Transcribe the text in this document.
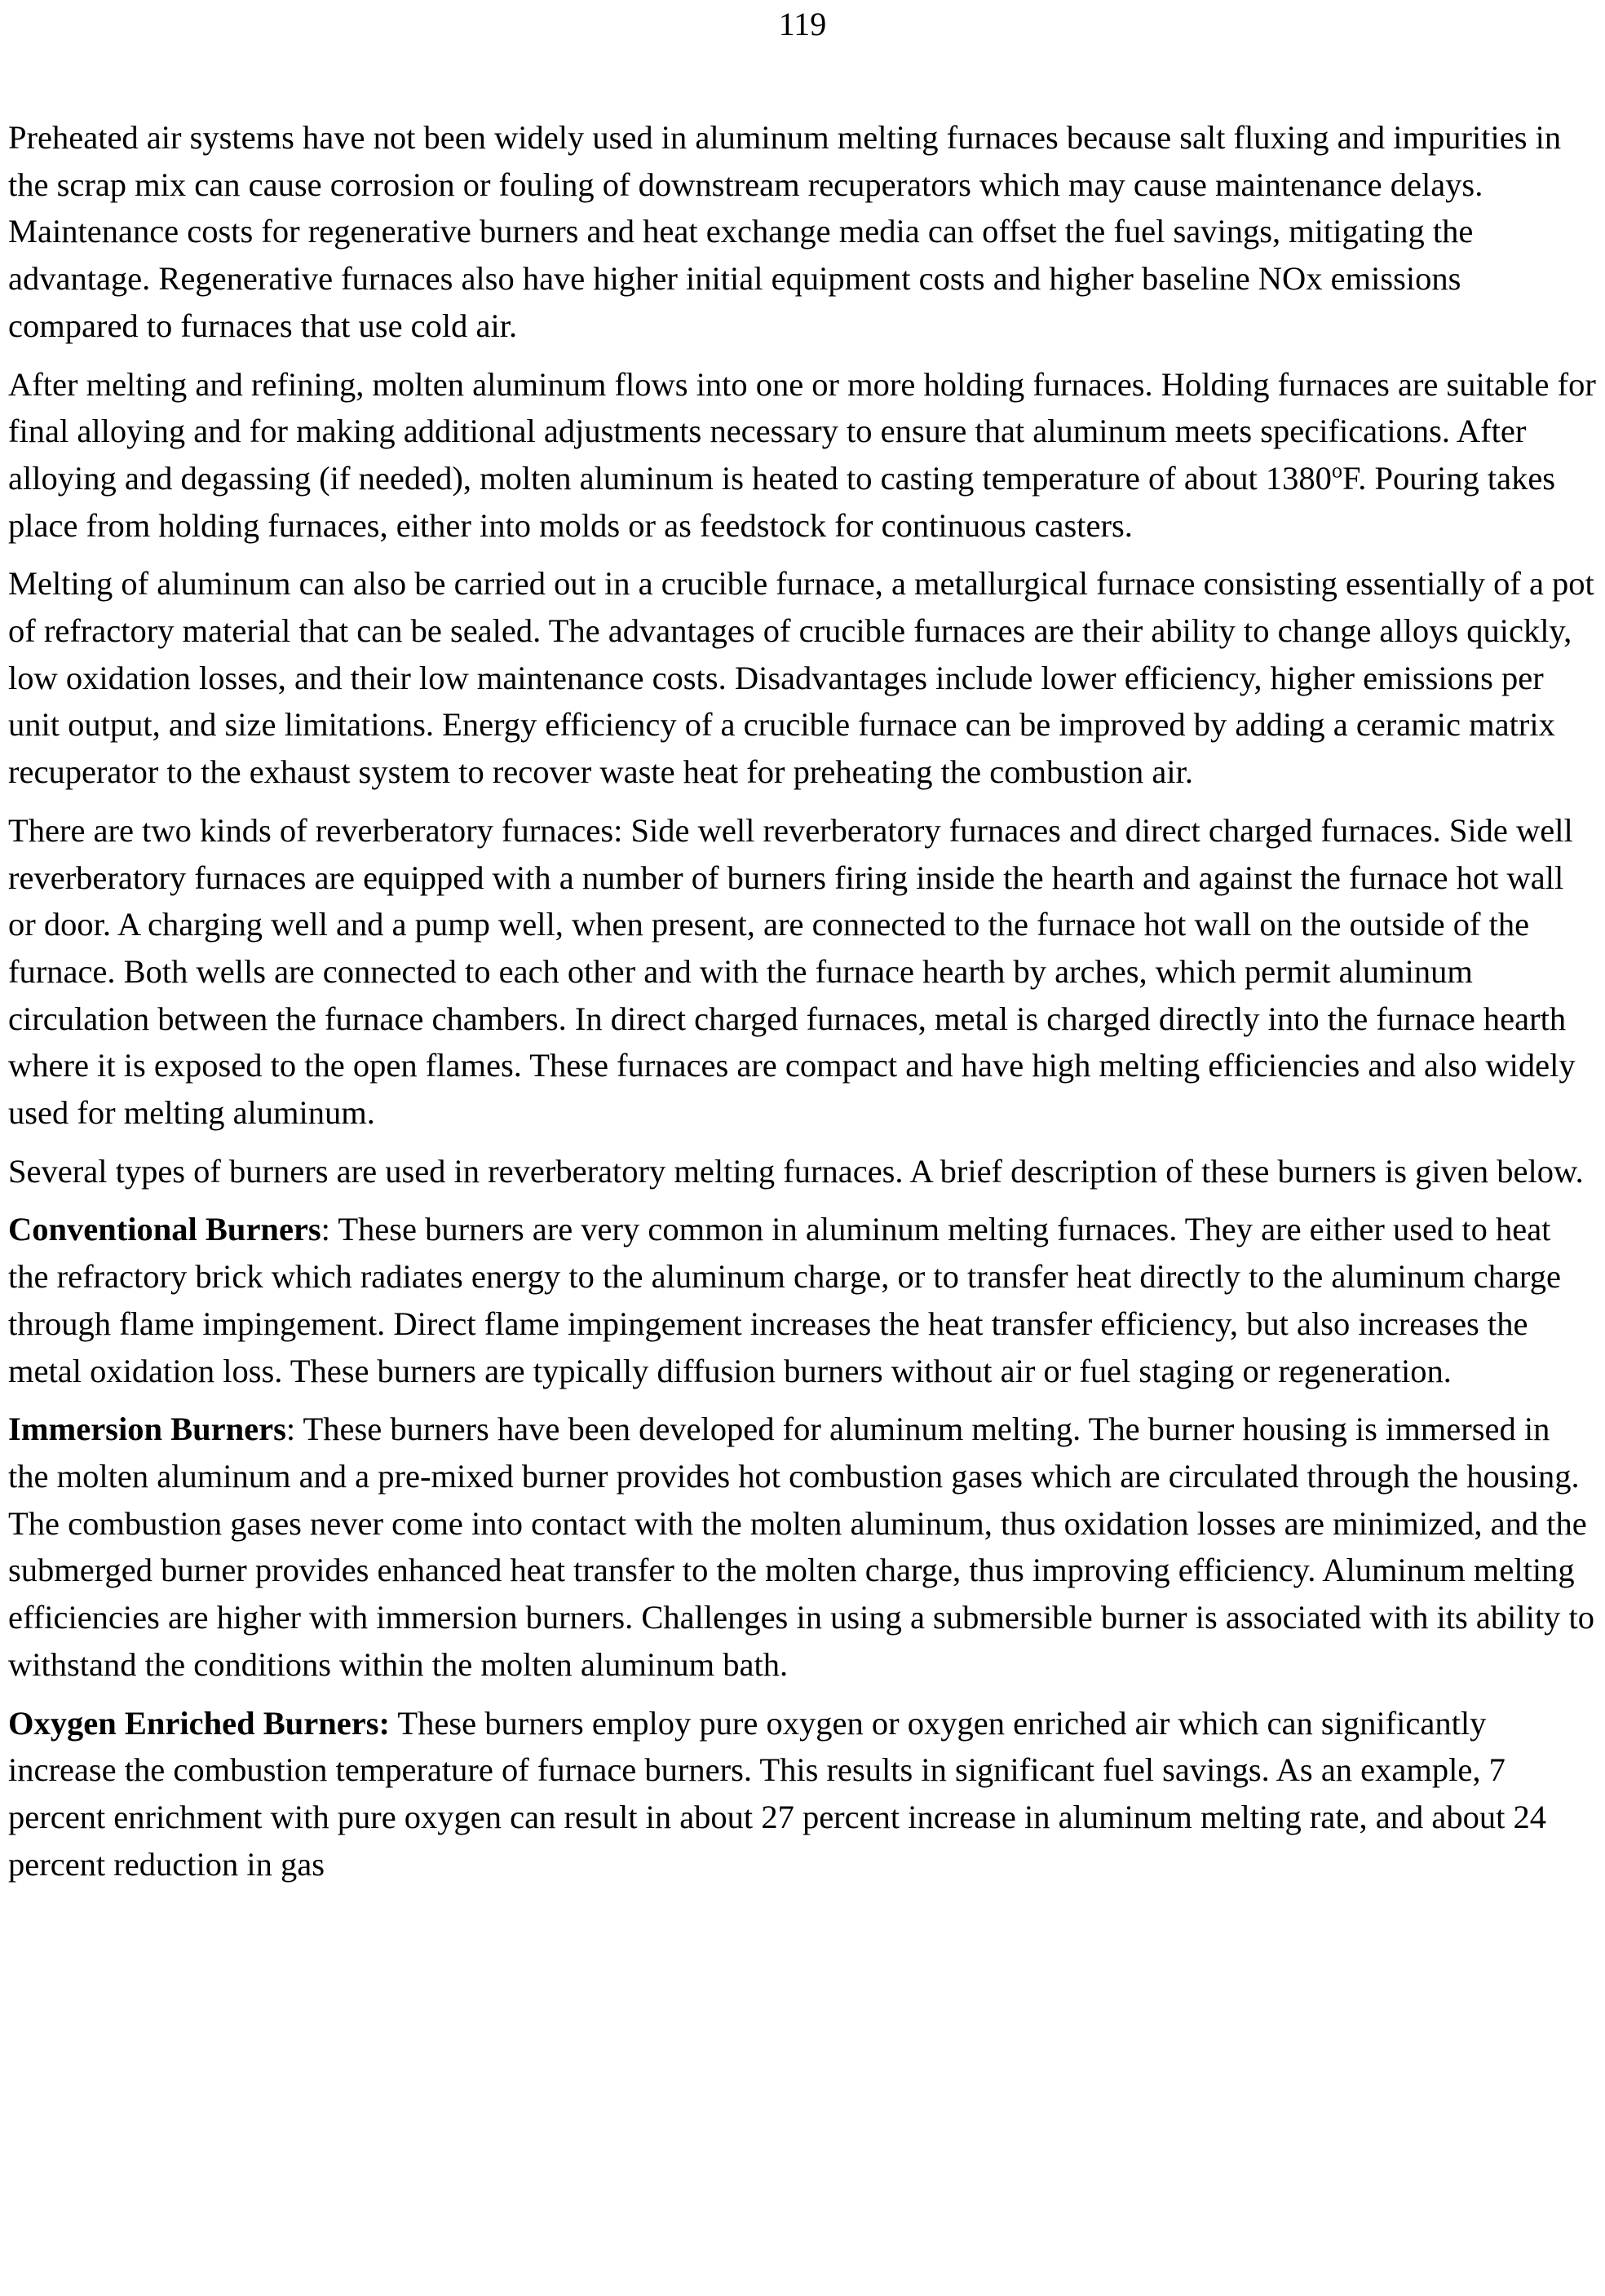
119

Preheated air systems have not been widely used in aluminum melting furnaces because salt fluxing and impurities in the scrap mix can cause corrosion or fouling of downstream recuperators which may cause maintenance delays. Maintenance costs for regenerative burners and heat exchange media can offset the fuel savings, mitigating the advantage. Regenerative furnaces also have higher initial equipment costs and higher baseline NOx emissions compared to furnaces that use cold air.

After melting and refining, molten aluminum flows into one or more holding furnaces. Holding furnaces are suitable for final alloying and for making additional adjustments necessary to ensure that aluminum meets specifications. After alloying and degassing (if needed), molten aluminum is heated to casting temperature of about 1380$^o$F. Pouring takes place from holding furnaces, either into molds or as feedstock for continuous casters.

Melting of aluminum can also be carried out in a crucible furnace, a metallurgical furnace consisting essentially of a pot of refractory material that can be sealed. The advantages of crucible furnaces are their ability to change alloys quickly, low oxidation losses, and their low maintenance costs. Disadvantages include lower efficiency, higher emissions per unit output, and size limitations. Energy efficiency of a crucible furnace can be improved by adding a ceramic matrix recuperator to the exhaust system to recover waste heat for preheating the combustion air.

There are two kinds of reverberatory furnaces: Side well reverberatory furnaces and direct charged furnaces. Side well reverberatory furnaces are equipped with a number of burners firing inside the hearth and against the furnace hot wall or door. A charging well and a pump well, when present, are connected to the furnace hot wall on the outside of the furnace. Both wells are connected to each other and with the furnace hearth by arches, which permit aluminum circulation between the furnace chambers. In direct charged furnaces, metal is charged directly into the furnace hearth where it is exposed to the open flames. These furnaces are compact and have high melting efficiencies and also widely used for melting aluminum.

Several types of burners are used in reverberatory melting furnaces. A brief description of these burners is given below.

Conventional Burners: These burners are very common in aluminum melting furnaces. They are either used to heat the refractory brick which radiates energy to the aluminum charge, or to transfer heat directly to the aluminum charge through flame impingement. Direct flame impingement increases the heat transfer efficiency, but also increases the metal oxidation loss. These burners are typically diffusion burners without air or fuel staging or regeneration.

Immersion Burners: These burners have been developed for aluminum melting. The burner housing is immersed in the molten aluminum and a pre-mixed burner provides hot combustion gases which are circulated through the housing. The combustion gases never come into contact with the molten aluminum, thus oxidation losses are minimized, and the submerged burner provides enhanced heat transfer to the molten charge, thus improving efficiency. Aluminum melting efficiencies are higher with immersion burners. Challenges in using a submersible burner is associated with its ability to withstand the conditions within the molten aluminum bath.

Oxygen Enriched Burners: These burners employ pure oxygen or oxygen enriched air which can significantly increase the combustion temperature of furnace burners. This results in significant fuel savings. As an example, 7 percent enrichment with pure oxygen can result in about 27 percent increase in aluminum melting rate, and about 24 percent reduction in gas
